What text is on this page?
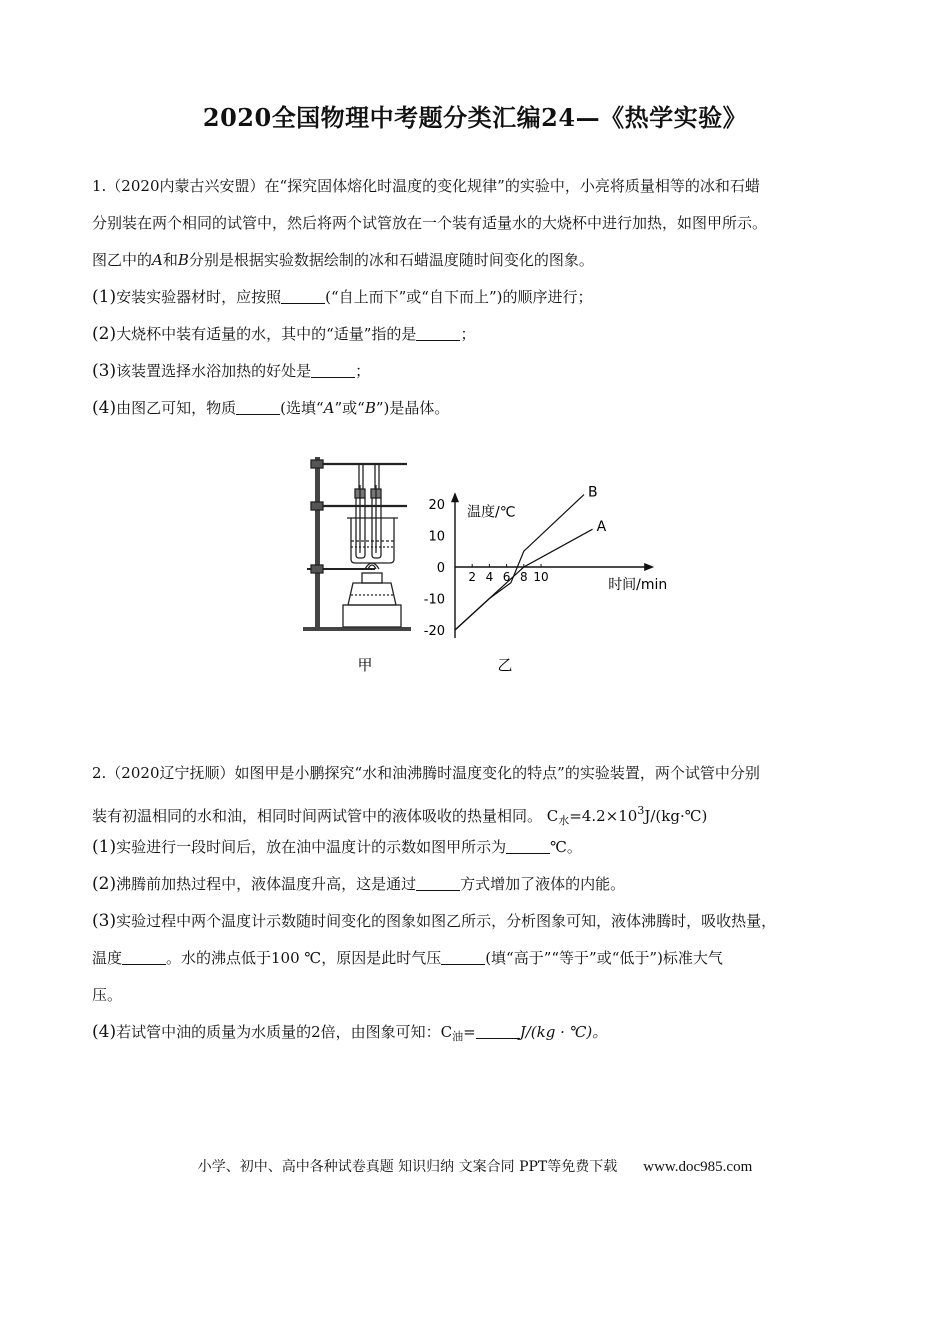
2020全国物理中考题分类汇编24—《热学实验》
1.（2020内蒙古兴安盟）在“探究固体熔化时温度的变化规律”的实验中，小亮将质量相等的冰和石蜡
分别装在两个相同的试管中，然后将两个试管放在一个装有适量水的大烧杯中进行加热，如图甲所示。
图乙中的A和B分别是根据实验数据绘制的冰和石蜡温度随时间变化的图象。
(1)安装实验器材时，应按照	(“自上而下”或“自下而上”)的顺序进行；
(2)大烧杯中装有适量的水，其中的“适量”指的是	；
(3)该装置选择水浴加热的好处是	；
(4)由图乙可知，物质	(选填“A”或“B”)是晶体。
甲
温度/℃
时间/min
20
10
0
-10
-20
2 4 6 8 10
A
B
乙
2.（2020辽宁抚顺）如图甲是小鹏探究“水和油沸腾时温度变化的特点”的实验装置，两个试管中分别
装有初温相同的水和油，相同时间两试管中的液体吸收的热量相同。 $C_水=4.2\times 10^3J/(kg\cdot℃)$
(1)实验进行一段时间后，放在油中温度计的示数如图甲所示为	℃。
(2)沸腾前加热过程中，液体温度升高，这是通过	方式增加了液体的内能。
(3)实验过程中两个温度计示数随时间变化的图象如图乙所示，分析图象可知，液体沸腾时，吸收热量，
温度	。水的沸点低于100 ℃，原因是此时气压	(填“高于”“等于”或“低于”)标准大气
压。
(4)若试管中油的质量为水质量的2倍，由图象可知：$C_油=$	J/(kg · ℃)。
小学、初中、高中各种试卷真题 知识归纳 文案合同 PPT等免费下载 www.doc985.com
